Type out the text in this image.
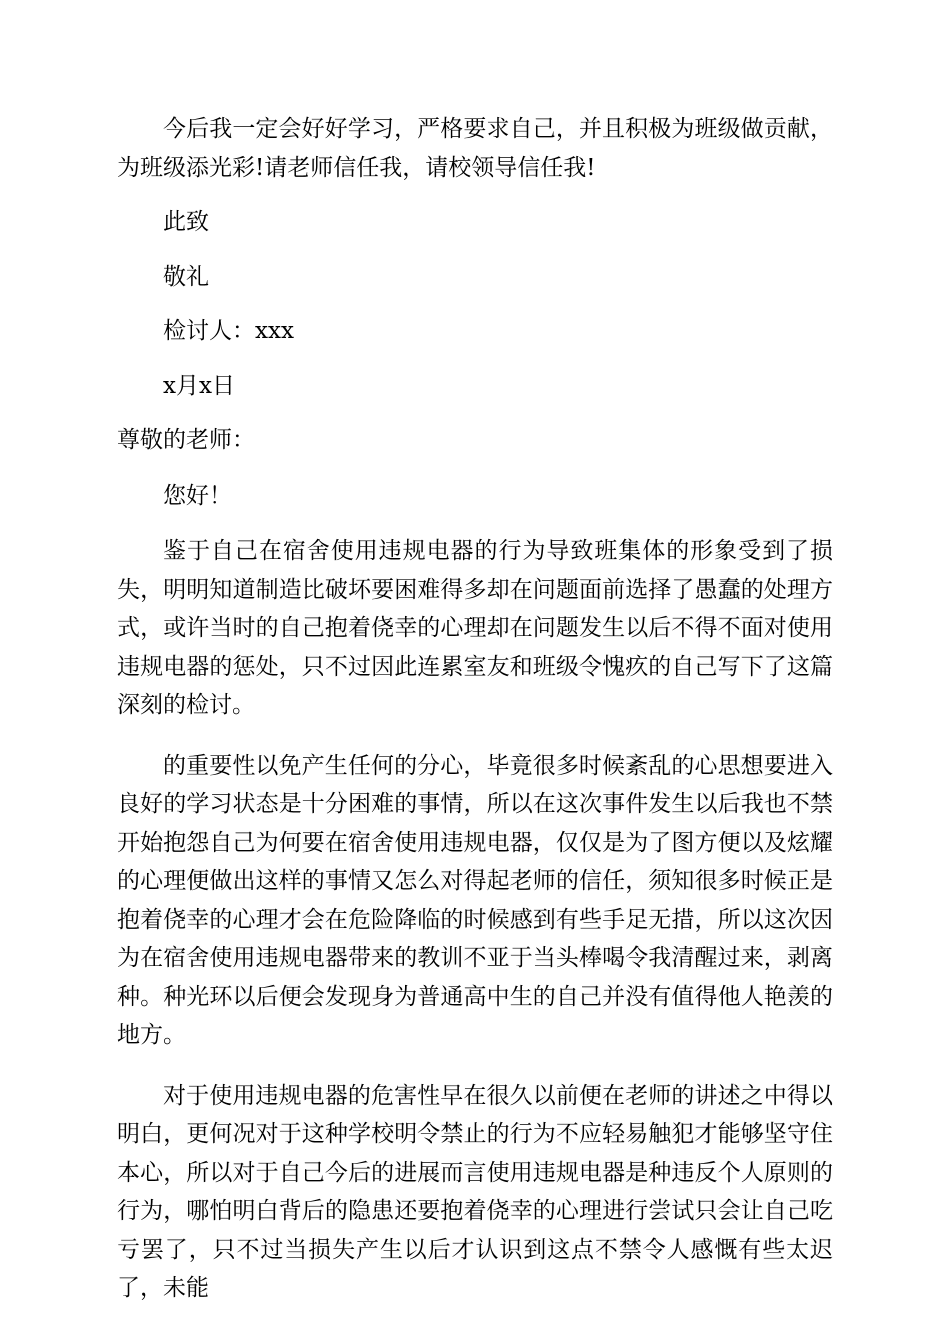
今后我一定会好好学习，严格要求自己，并且积极为班级做贡献，为班级添光彩!请老师信任我，请校领导信任我!

此致

敬礼

检讨人：xxx

x月x日

尊敬的老师：

您好！

鉴于自己在宿舍使用违规电器的行为导致班集体的形象受到了损失，明明知道制造比破坏要困难得多却在问题面前选择了愚蠢的处理方式，或许当时的自己抱着侥幸的心理却在问题发生以后不得不面对使用违规电器的惩处，只不过因此连累室友和班级令愧疚的自己写下了这篇深刻的检讨。

的重要性以免产生任何的分心，毕竟很多时候紊乱的心思想要进入良好的学习状态是十分困难的事情，所以在这次事件发生以后我也不禁开始抱怨自己为何要在宿舍使用违规电器，仅仅是为了图方便以及炫耀的心理便做出这样的事情又怎么对得起老师的信任，须知很多时候正是抱着侥幸的心理才会在危险降临的时候感到有些手足无措，所以这次因为在宿舍使用违规电器带来的教训不亚于当头棒喝令我清醒过来，剥离种。种光环以后便会发现身为普通高中生的自己并没有值得他人艳羡的地方。

对于使用违规电器的危害性早在很久以前便在老师的讲述之中得以明白，更何况对于这种学校明令禁止的行为不应轻易触犯才能够坚守住本心，所以对于自己今后的进展而言使用违规电器是种违反个人原则的行为，哪怕明白背后的隐患还要抱着侥幸的心理进行尝试只会让自己吃亏罢了，只不过当损失产生以后才认识到这点不禁令人感慨有些太迟了，未能
